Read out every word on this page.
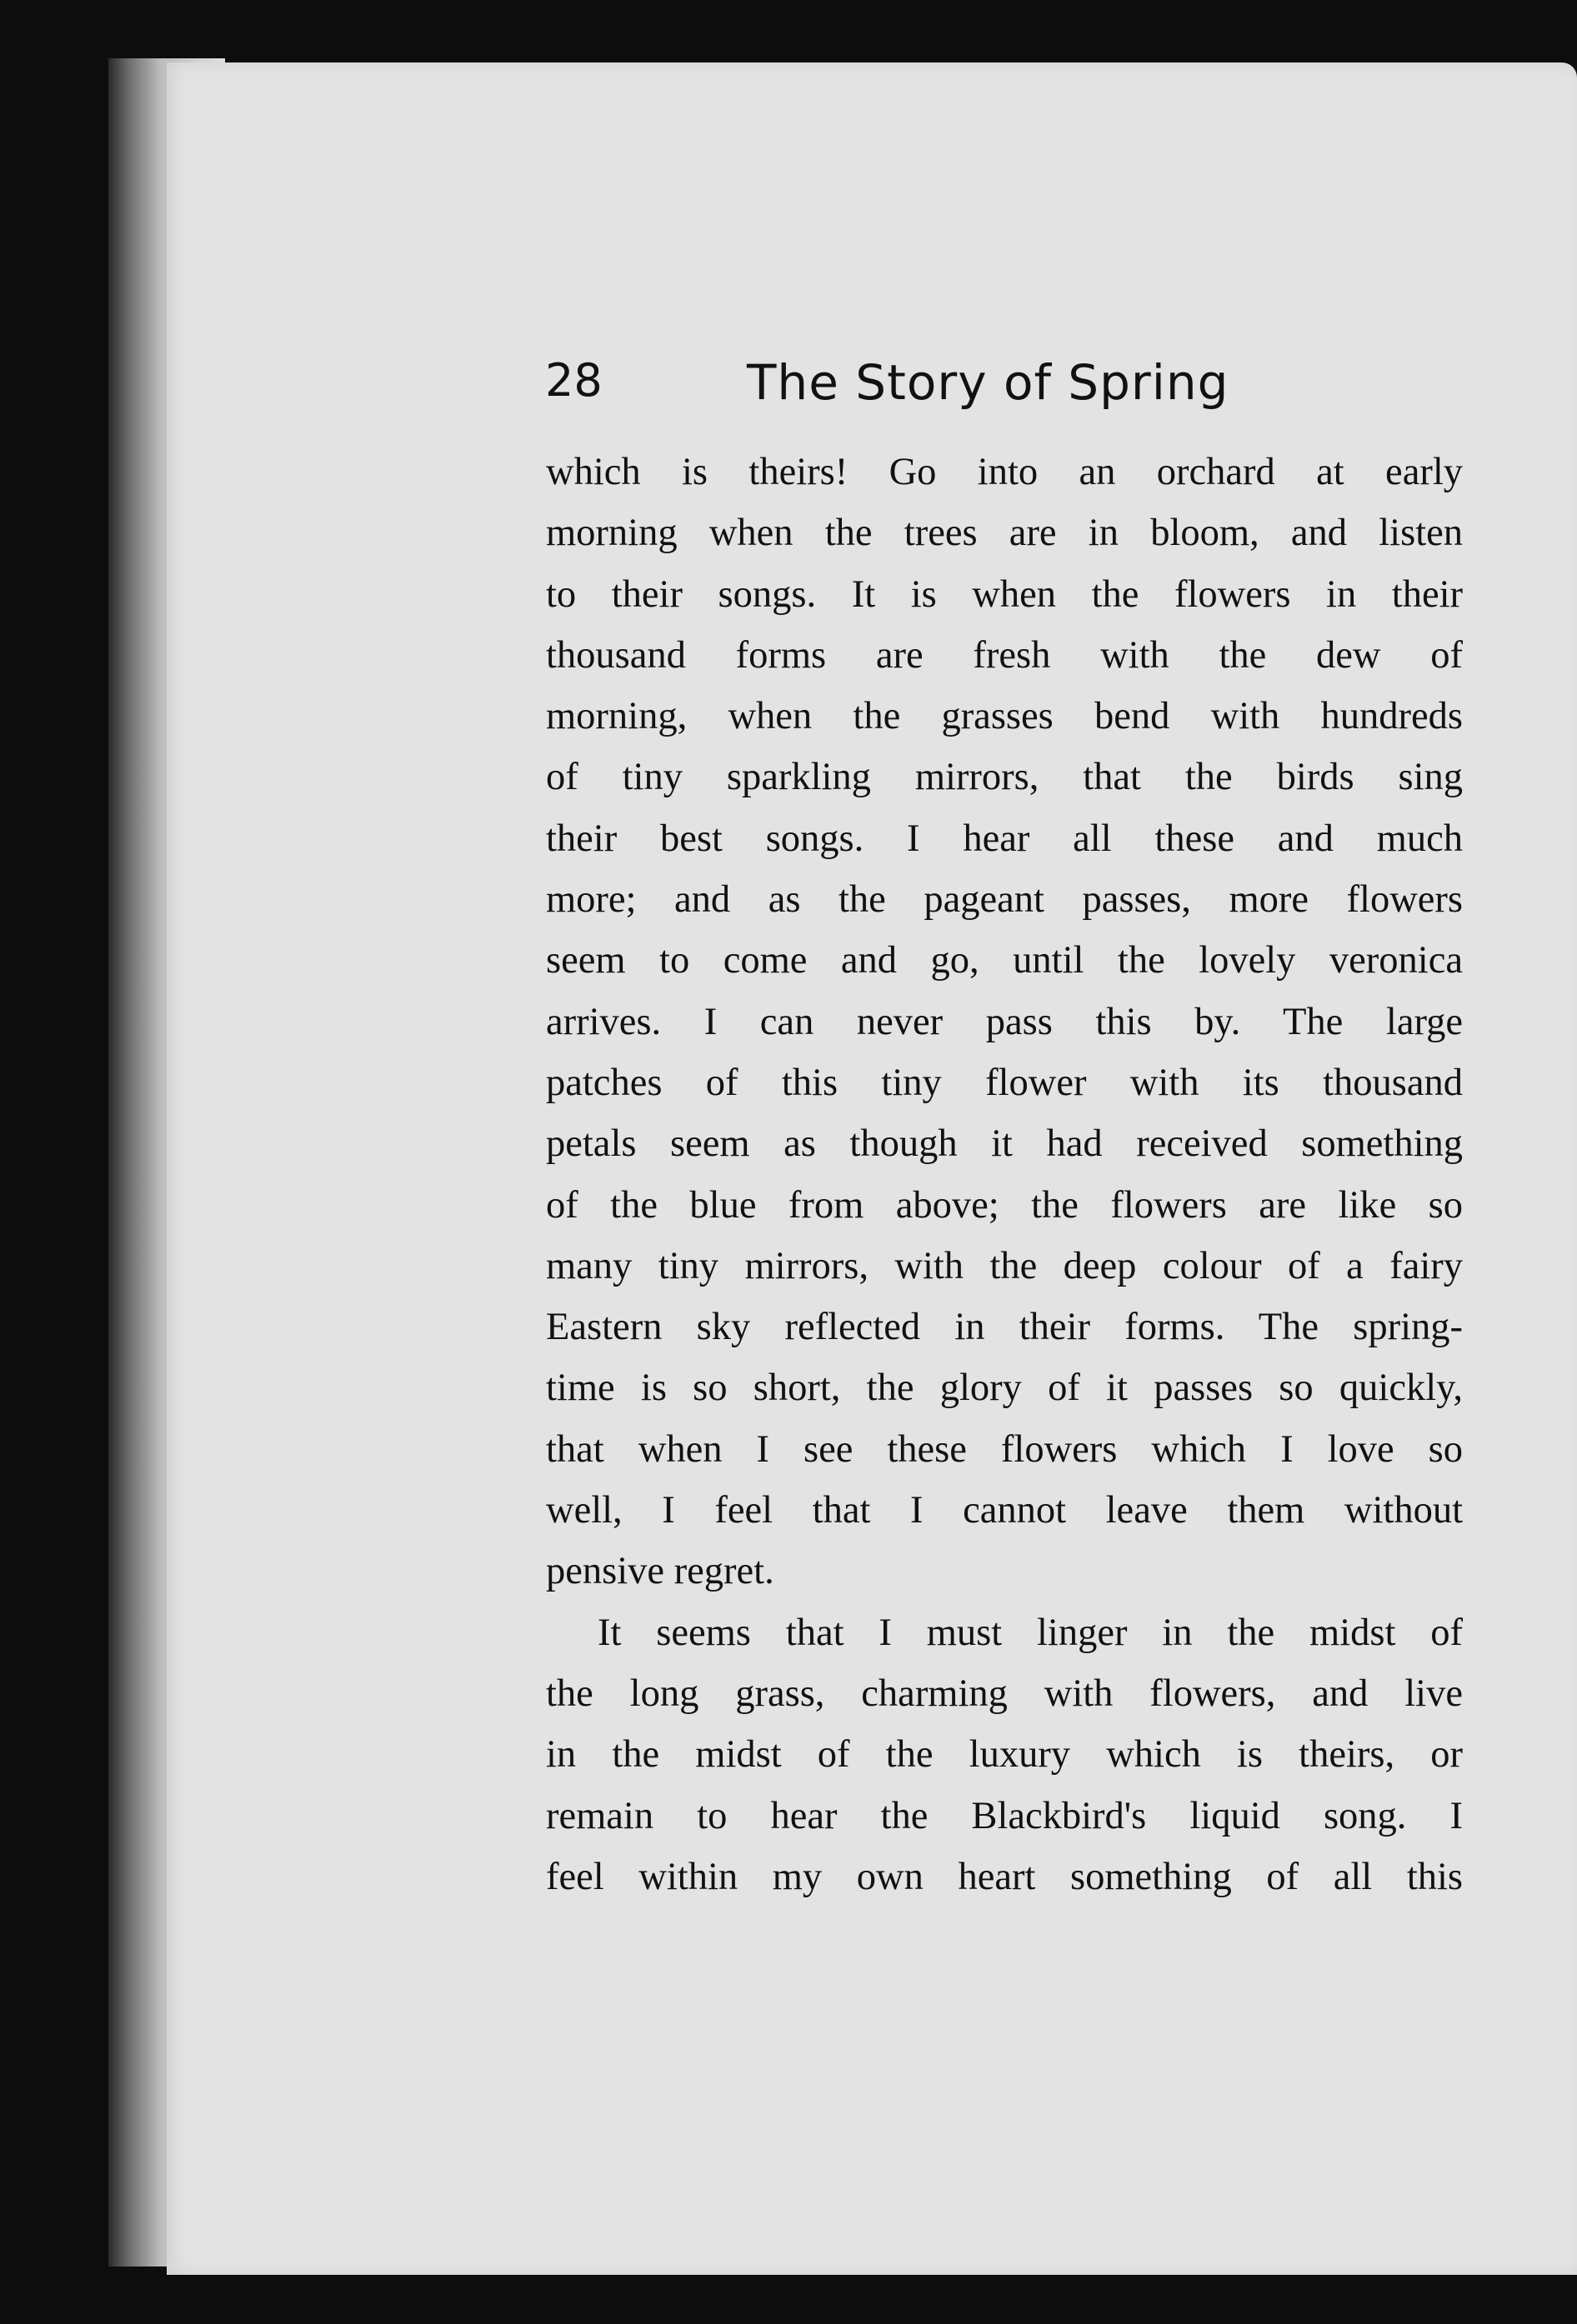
28	The Story of Spring
which is theirs! Go into an orchard at early
morning when the trees are in bloom, and listen
to their songs. It is when the flowers in their
thousand forms are fresh with the dew of
morning, when the grasses bend with hundreds
of tiny sparkling mirrors, that the birds sing
their best songs. I hear all these and much
more; and as the pageant passes, more flowers
seem to come and go, until the lovely veronica
arrives. I can never pass this by. The large
patches of this tiny flower with its thousand
petals seem as though it had received something
of the blue from above; the flowers are like so
many tiny mirrors, with the deep colour of a fairy
Eastern sky reflected in their forms. The spring-
time is so short, the glory of it passes so quickly,
that when I see these flowers which I love so
well, I feel that I cannot leave them without
pensive regret.
It seems that I must linger in the midst of
the long grass, charming with flowers, and live
in the midst of the luxury which is theirs, or
remain to hear the Blackbird's liquid song. I
feel within my own heart something of all this
